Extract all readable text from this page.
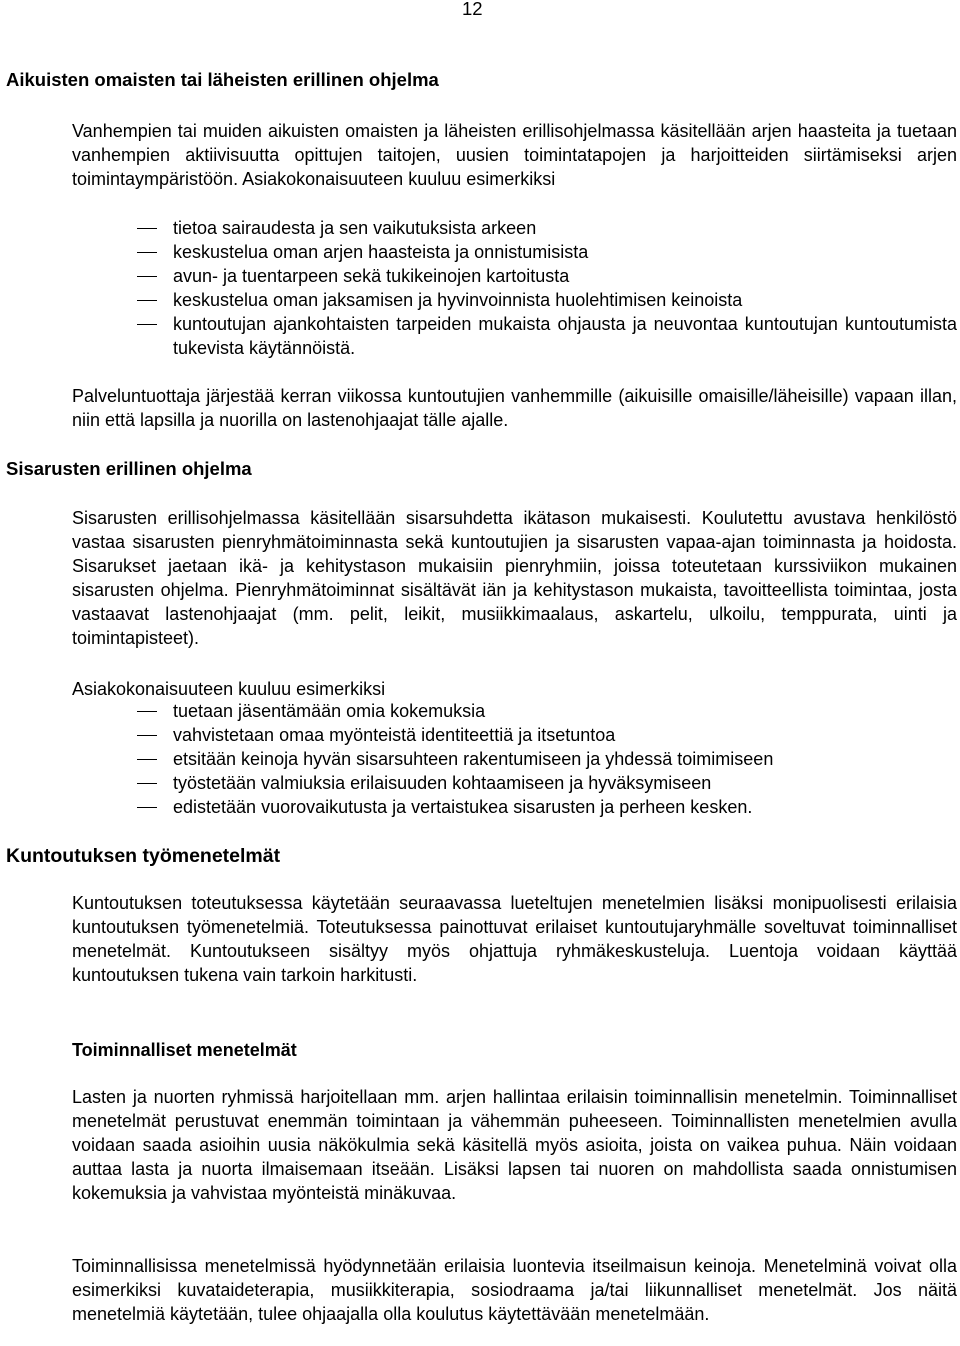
12
Aikuisten omaisten tai läheisten erillinen ohjelma

Vanhempien tai muiden aikuisten omaisten ja läheisten erillisohjelmassa käsitellään arjen haasteita ja tuetaan vanhempien aktiivisuutta opittujen taitojen, uusien toimintatapojen ja harjoitteiden siirtämiseksi arjen toimintaympäristöön. Asiakokonaisuuteen kuuluu esimerkiksi

tietoa sairaudesta ja sen vaikutuksista arkeen
keskustelua oman arjen haasteista ja onnistumisista
avun- ja tuentarpeen sekä tukikeinojen kartoitusta
keskustelua oman jaksamisen ja hyvinvoinnista huolehtimisen keinoista
kuntoutujan ajankohtaisten tarpeiden mukaista ohjausta ja neuvontaa kuntoutujan kuntoutumista tukevista käytännöistä.

Palveluntuottaja järjestää kerran viikossa kuntoutujien vanhemmille (aikuisille omaisille/läheisille) vapaan illan, niin että lapsilla ja nuorilla on lastenohjaajat tälle ajalle.

Sisarusten erillinen ohjelma

Sisarusten erillisohjelmassa käsitellään sisarsuhdetta ikätason mukaisesti. Koulutettu avustava henkilöstö vastaa sisarusten pienryhmätoiminnasta sekä kuntoutujien ja sisarusten vapaa-ajan toiminnasta ja hoidosta. Sisarukset jaetaan ikä- ja kehitystason mukaisiin pienryhmiin, joissa toteutetaan kurssiviikon mukainen sisarusten ohjelma. Pienryhmätoiminnat sisältävät iän ja kehitystason mukaista, tavoitteellista toimintaa, josta vastaavat lastenohjaajat (mm. pelit, leikit, musiikkimaalaus, askartelu, ulkoilu, temppurata, uinti ja toimintapisteet).

Asiakokonaisuuteen kuuluu esimerkiksi

tuetaan jäsentämään omia kokemuksia
vahvistetaan omaa myönteistä identiteettiä ja itsetuntoa
etsitään keinoja hyvän sisarsuhteen rakentumiseen ja yhdessä toimimiseen
työstetään valmiuksia erilaisuuden kohtaamiseen ja hyväksymiseen
edistetään vuorovaikutusta ja vertaistukea sisarusten ja perheen kesken.
Kuntoutuksen työmenetelmät

Kuntoutuksen toteutuksessa käytetään seuraavassa lueteltujen menetelmien lisäksi monipuolisesti erilaisia kuntoutuksen työmenetelmiä. Toteutuksessa painottuvat erilaiset kuntoutujaryhmälle soveltuvat toiminnalliset menetelmät. Kuntoutukseen sisältyy myös ohjattuja ryhmäkeskusteluja. Luentoja voidaan käyttää kuntoutuksen tukena vain tarkoin harkitusti.

Toiminnalliset menetelmät

Lasten ja nuorten ryhmissä harjoitellaan mm. arjen hallintaa erilaisin toiminnallisin menetelmin. Toiminnalliset menetelmät perustuvat enemmän toimintaan ja vähemmän puheeseen. Toiminnallisten menetelmien avulla voidaan saada asioihin uusia näkökulmia sekä käsitellä myös asioita, joista on vaikea puhua. Näin voidaan auttaa lasta ja nuorta ilmaisemaan itseään. Lisäksi lapsen tai nuoren on mahdollista saada onnistumisen kokemuksia ja vahvistaa myönteistä minäkuvaa.

Toiminnallisissa menetelmissä hyödynnetään erilaisia luontevia itseilmaisun keinoja. Menetelminä voivat olla esimerkiksi kuvataideterapia, musiikkiterapia, sosiodraama ja/tai liikunnalliset menetelmät. Jos näitä menetelmiä käytetään, tulee ohjaajalla olla koulutus käytettävään menetelmään.
